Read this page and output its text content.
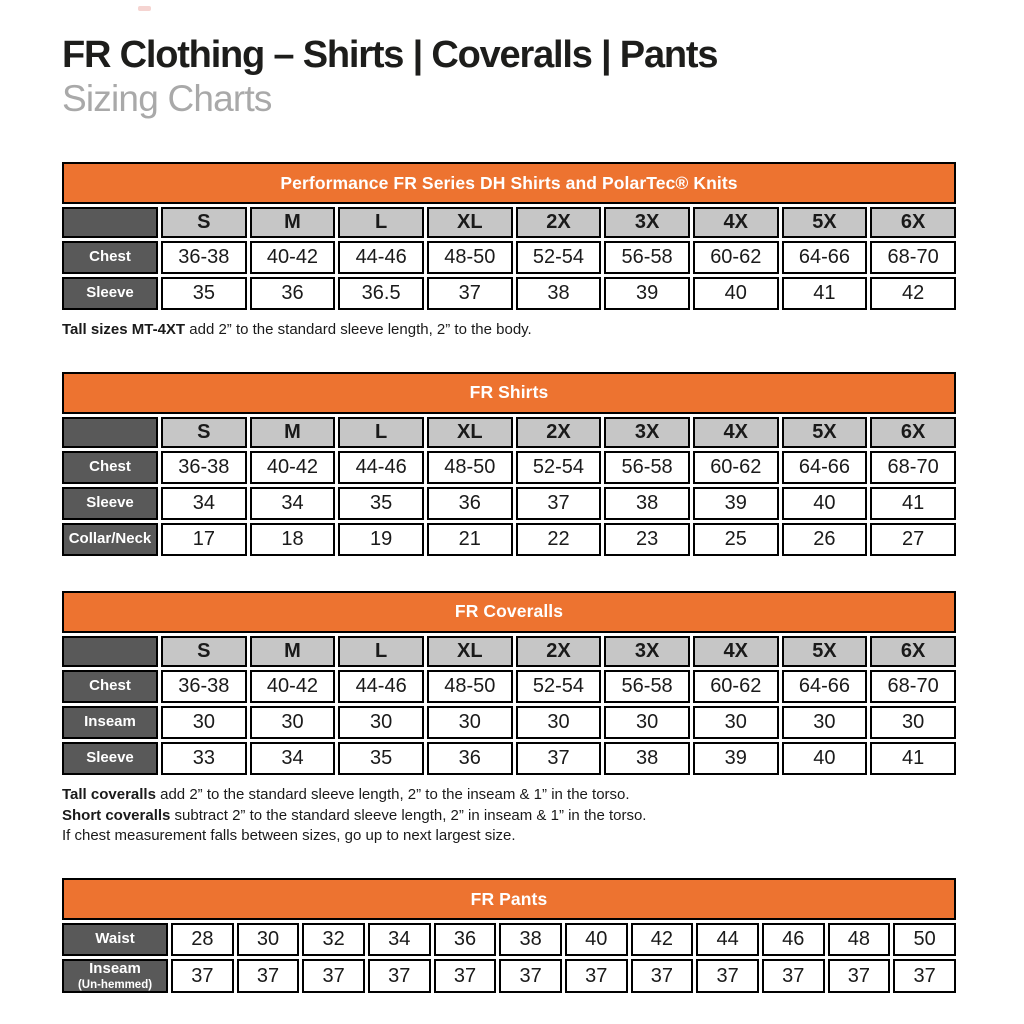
FR Clothing – Shirts | Coveralls | Pants
Sizing Charts
Performance FR Series DH Shirts and PolarTec® Knits									
	S	M	L	XL	2X	3X	4X	5X	6X

Chest	36-38	40-42	44-46	48-50	52-54	56-58	60-62	64-66	68-70

Sleeve	35	36	36.5	37	38	39	40	41	42

Tall sizes MT-4XT add 2” to the standard sleeve length, 2” to the body.

FR Shirts									
	S	M	L	XL	2X	3X	4X	5X	6X

Chest	36-38	40-42	44-46	48-50	52-54	56-58	60-62	64-66	68-70

Sleeve	34	34	35	36	37	38	39	40	41

Collar/Neck	17	18	19	21	22	23	25	26	27
FR Coveralls									
	S	M	L	XL	2X	3X	4X	5X	6X

Chest	36-38	40-42	44-46	48-50	52-54	56-58	60-62	64-66	68-70

Inseam	30	30	30	30	30	30	30	30	30

Sleeve	33	34	35	36	37	38	39	40	41

Tall coveralls add 2” to the standard sleeve length, 2” to the inseam & 1” in the torso.

Short coveralls subtract 2” to the standard sleeve length, 2” in inseam & 1” in the torso.

If chest measurement falls between sizes, go up to next largest size.

FR Pants												

Waist	28	30	32	34	36	38	40	42	44	46	48	50

Inseam
(Un-hemmed)	37	37	37	37	37	37	37	37	37	37	37	37
